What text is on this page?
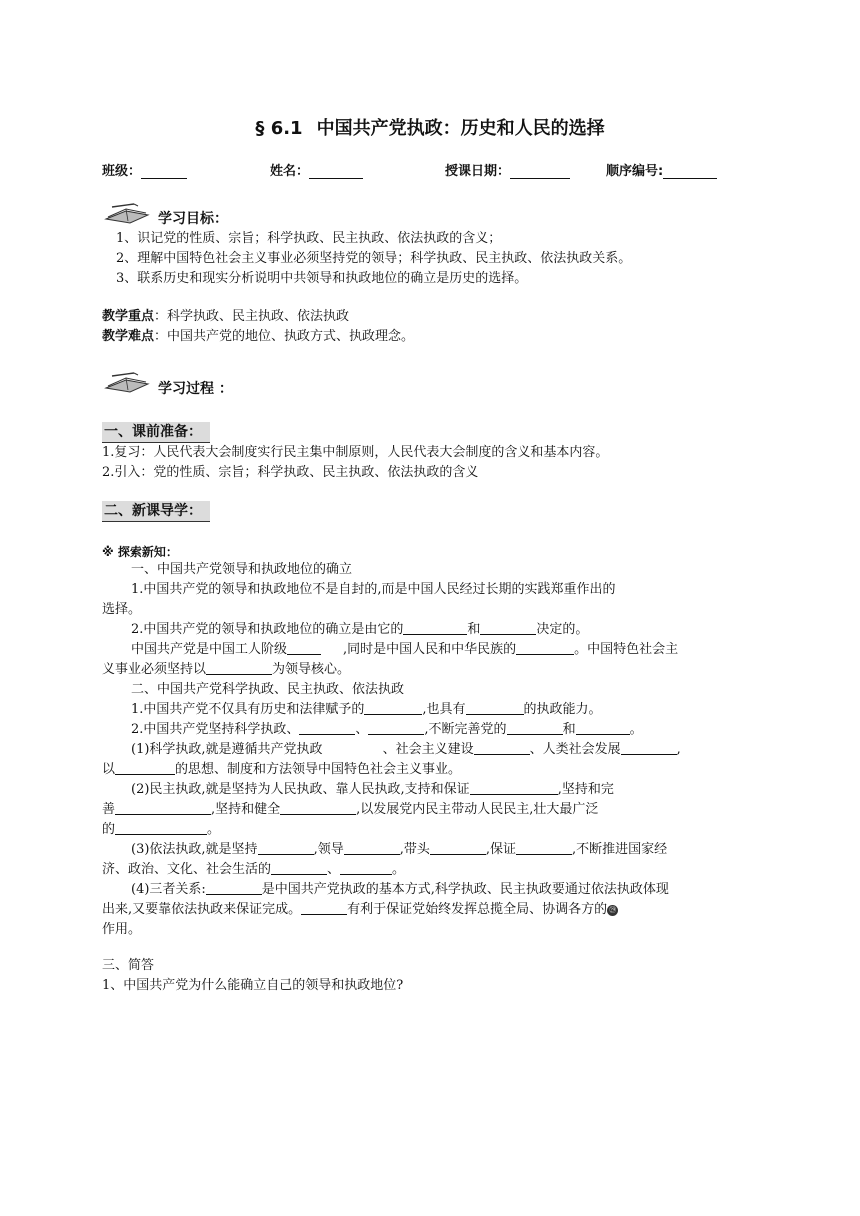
§ 6.1 中国共产党执政：历史和人民的选择
班级：	姓名：	授课日期：	顺序编号:
学习目标：
1、识记党的性质、宗旨；科学执政、民主执政、依法执政的含义；
2、理解中国特色社会主义事业必须坚持党的领导；科学执政、民主执政、依法执政关系。
3、联系历史和现实分析说明中共领导和执政地位的确立是历史的选择。
教学重点：科学执政、民主执政、依法执政
教学难点：中国共产党的地位、执政方式、执政理念。
学习过程 ：
一、课前准备：
1.复习：人民代表大会制度实行民主集中制原则，人民代表大会制度的含义和基本内容。
2.引入：党的性质、宗旨；科学执政、民主执政、依法执政的含义
二、新课导学：
※ 探索新知：
一、中国共产党领导和执政地位的确立
1.中国共产党的领导和执政地位不是自封的,而是中国人民经过长期的实践郑重作出的
选择。
2.中国共产党的领导和执政地位的确立是由它的	和	决定的。
中国共产党是中国工人阶级	,同时是中国人民和中华民族的	。中国特色社会主
义事业必须坚持以	为领导核心。
二、中国共产党科学执政、民主执政、依法执政
1.中国共产党不仅具有历史和法律赋予的	,也具有	的执政能力。
2.中国共产党坚持科学执政、	、	,不断完善党的	和	。
(1)科学执政,就是遵循共产党执政	、社会主义建设	、人类社会发展	,
以	的思想、制度和方法领导中国特色社会主义事业。
(2)民主执政,就是坚持为人民执政、靠人民执政,支持和保证	,坚持和完
善	,坚持和健全	,以发展党内民主带动人民民主,壮大最广泛
的	。
(3)依法执政,就是坚持	,领导	,带头	,保证	,不断推进国家经
济、政治、文化、社会生活的	、	。
(4)三者关系:	是中国共产党执政的基本方式,科学执政、民主执政要通过依法执政体现
出来,又要靠依法执政来保证完成。	有利于保证党始终发挥总揽全局、协调各方的 ㉙
作用。
三、简答
1、中国共产党为什么能确立自己的领导和执政地位?
